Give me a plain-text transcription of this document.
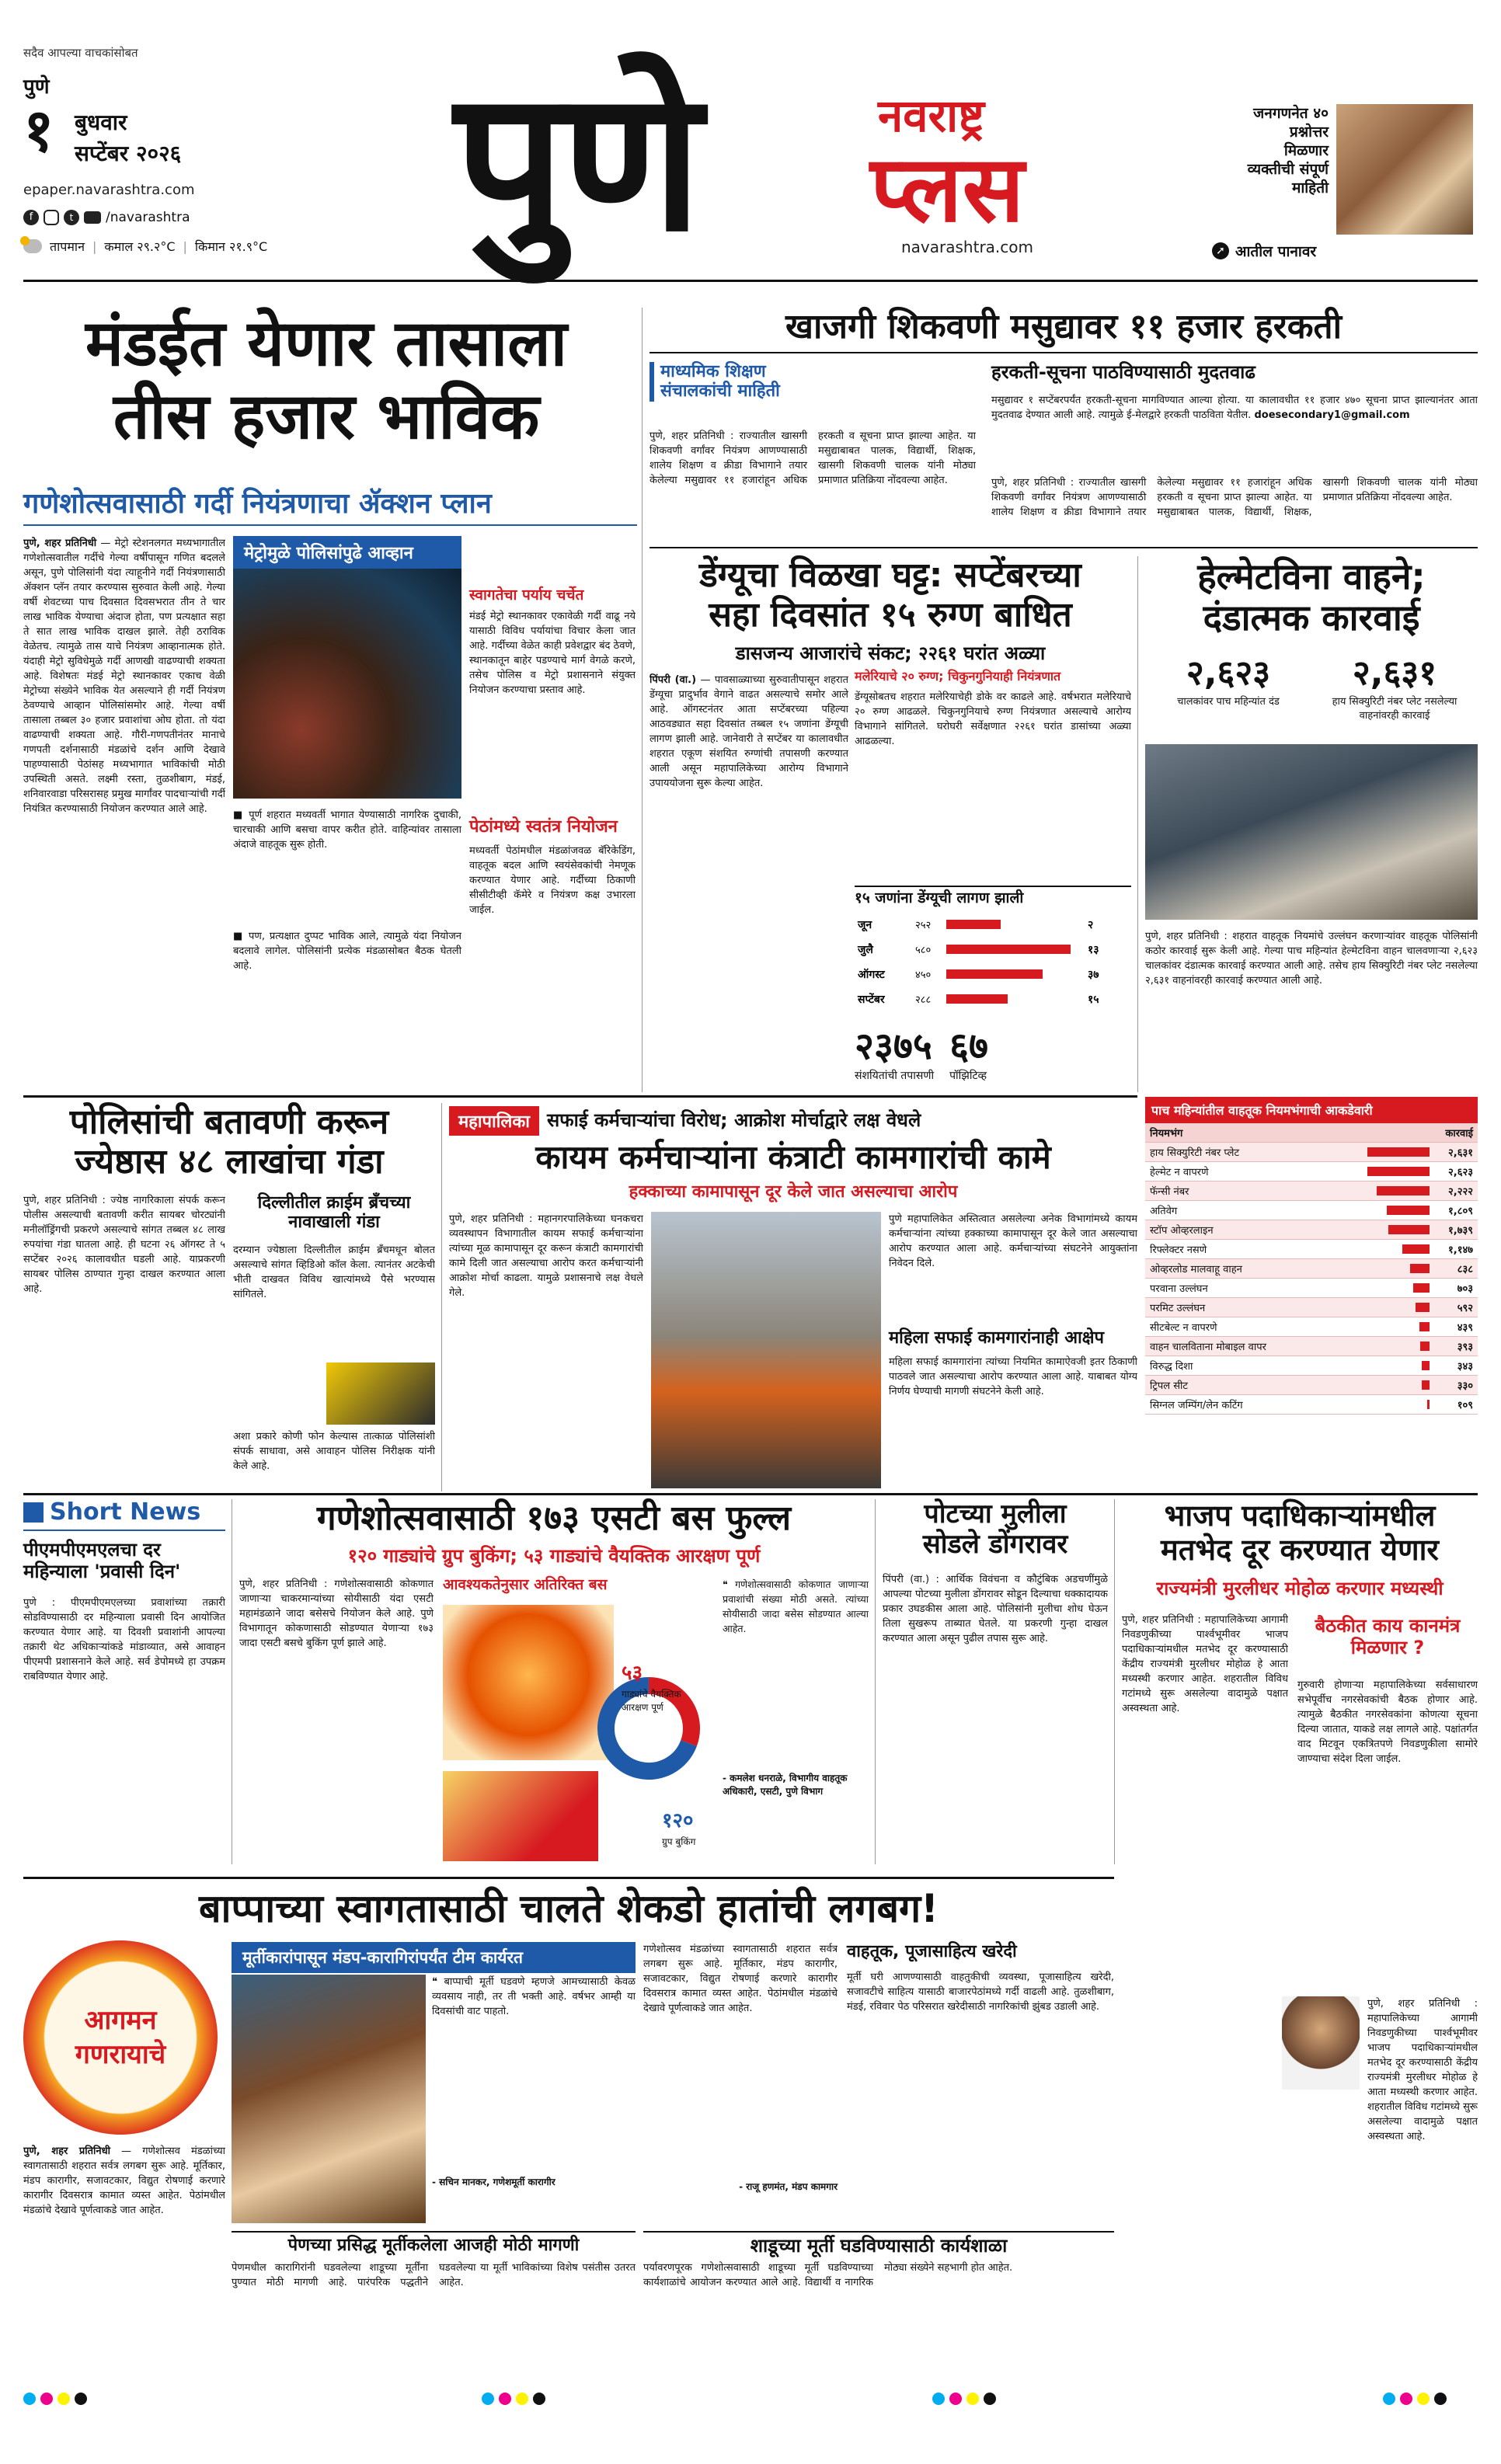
सदैव आपल्या वाचकांसोबत
पुणे
१ बुधवार
सप्टेंबर २०२६
epaper.navarashtra.com
f	t	/navarashtra
तापमान | कमाल २९.२°C | किमान २१.९°C पुणे	नवराष्ट्र
प्लस
navarashtra.com
जनगणनेत ४०
प्रश्नोत्तर
मिळणार
व्यक्तीची संपूर्ण
माहिती
➚ आतील पानावर
मंडईत येणार तासाला
तीस हजार भाविक
गणेशोत्सवासाठी गर्दी नियंत्रणाचा ॲक्शन प्लान
पुणे, शहर प्रतिनिधी — मेट्रो स्टेशनलगत मध्यभागातील गणेशोत्सवातील गर्दीचे गेल्या वर्षीपासून गणित बदलले असून, पुणे पोलिसांनी यंदा त्याहूनीने गर्दी नियंत्रणासाठी ॲक्शन प्लॅन तयार करण्यास सुरुवात केली आहे. गेल्या वर्षी शेवटच्या पाच दिवसात दिवसभरात तीन ते चार लाख भाविक येण्याचा अंदाज होता, पण प्रत्यक्षात सहा ते सात लाख भाविक दाखल झाले. तेही ठराविक वेळेतच. त्यामुळे तास याचे नियंत्रण आव्हानात्मक होते. यंदाही मेट्रो सुविधेमुळे गर्दी आणखी वाढण्याची शक्यता आहे. विशेषतः मंडई मेट्रो स्थानकावर एकाच वेळी मेट्रोच्या संख्येने भाविक येत असल्याने ही गर्दी नियंत्रण ठेवण्याचे आव्हान पोलिसांसमोर आहे. गेल्या वर्षी तासाला तब्बल ३० हजार प्रवाशांचा ओघ होता. तो यंदा वाढण्याची शक्यता आहे. गौरी-गणपतीनंतर मानाचे गणपती दर्शनासाठी मंडळांचे दर्शन आणि देखावे पाहण्यासाठी पेठांसह मध्यभागात भाविकांची मोठी उपस्थिती असते. लक्ष्मी रस्ता, तुळशीबाग, मंडई, शनिवारवाडा परिसरासह प्रमुख मार्गांवर पादचाऱ्यांची गर्दी नियंत्रित करण्यासाठी नियोजन करण्यात आले आहे.
मेट्रोमुळे पोलिसांपुढे आव्हान
■ पूर्ण शहरात मध्यवर्ती भागात येण्यासाठी नागरिक दुचाकी, चारचाकी आणि बसचा वापर करीत होते. वाहिन्यांवर तासाला अंदाजे वाहतूक सुरू होती.
■ पण, प्रत्यक्षात दुप्पट भाविक आले, त्यामुळे यंदा नियोजन बदलावे लागेल. पोलिसांनी प्रत्येक मंडळासोबत बैठक घेतली आहे.
स्वागतेचा पर्याय चर्चेत
मंडई मेट्रो स्थानकावर एकावेळी गर्दी वाढू नये यासाठी विविध पर्यायांचा विचार केला जात आहे. गर्दीच्या वेळेत काही प्रवेशद्वार बंद ठेवणे, स्थानकातून बाहेर पडण्याचे मार्ग वेगळे करणे, तसेच पोलिस व मेट्रो प्रशासनाने संयुक्त नियोजन करण्याचा प्रस्ताव आहे.
पेठांमध्ये स्वतंत्र नियोजन
मध्यवर्ती पेठांमधील मंडळांजवळ बॅरिकेडिंग, वाहतूक बदल आणि स्वयंसेवकांची नेमणूक करण्यात येणार आहे. गर्दीच्या ठिकाणी सीसीटीव्ही कॅमेरे व नियंत्रण कक्ष उभारला जाईल.
खाजगी शिकवणी मसुद्यावर ११ हजार हरकती
माध्यमिक शिक्षण संचालकांची माहिती
पुणे, शहर प्रतिनिधी : राज्यातील खासगी शिकवणी वर्गांवर नियंत्रण आणण्यासाठी शालेय शिक्षण व क्रीडा विभागाने तयार केलेल्या मसुद्यावर ११ हजारांहून अधिक हरकती व सूचना प्राप्त झाल्या आहेत. या मसुद्याबाबत पालक, विद्यार्थी, शिक्षक, खासगी शिकवणी चालक यांनी मोठ्या प्रमाणात प्रतिक्रिया नोंदवल्या आहेत.
हरकती-सूचना पाठविण्यासाठी मुदतवाढ
मसुद्यावर १ सप्टेंबरपर्यंत हरकती-सूचना मागविण्यात आल्या होत्या. या कालावधीत ११ हजार ४७० सूचना प्राप्त झाल्यानंतर आता मुदतवाढ देण्यात आली आहे. त्यामुळे ई-मेलद्वारे हरकती पाठविता येतील. doesecondary1@gmail.com
पुणे, शहर प्रतिनिधी : राज्यातील खासगी शिकवणी वर्गांवर नियंत्रण आणण्यासाठी शालेय शिक्षण व क्रीडा विभागाने तयार केलेल्या मसुद्यावर ११ हजारांहून अधिक हरकती व सूचना प्राप्त झाल्या आहेत. या मसुद्याबाबत पालक, विद्यार्थी, शिक्षक, खासगी शिकवणी चालक यांनी मोठ्या प्रमाणात प्रतिक्रिया नोंदवल्या आहेत.
डेंग्यूचा विळखा घट्ट: सप्टेंबरच्या
सहा दिवसांत १५ रुग्ण बाधित
डासजन्य आजारांचे संकट; २२६१ घरांत अळ्या
मलेरियाचे २० रुग्ण; चिकुनगुनियाही नियंत्रणात
पिंपरी (वा.) — पावसाळ्याच्या सुरुवातीपासून शहरात डेंग्यूचा प्रादुर्भाव वेगाने वाढत असल्याचे समोर आले आहे. ऑगस्टनंतर आता सप्टेंबरच्या पहिल्या आठवड्यात सहा दिवसांत तब्बल १५ जणांना डेंग्यूची लागण झाली आहे. जानेवारी ते सप्टेंबर या कालावधीत शहरात एकूण संशयित रुग्णांची तपासणी करण्यात आली असून महापालिकेच्या आरोग्य विभागाने उपाययोजना सुरू केल्या आहेत.
डेंग्यूसोबतच शहरात मलेरियाचेही डोके वर काढले आहे. वर्षभरात मलेरियाचे २० रुग्ण आढळले. चिकुनगुनियाचे रुग्ण नियंत्रणात असल्याचे आरोग्य विभागाने सांगितले. घरोघरी सर्वेक्षणात २२६१ घरांत डासांच्या अळ्या आढळल्या.
१५ जणांना डेंग्यूची लागण झाली
जून	२५२	२
जुलै	५८०	१३
ऑगस्ट	४५०	३७
सप्टेंबर	२८८	१५
२३७५
संशयितांची तपासणी
६७
पॉझिटिव्ह
हेल्मेटविना वाहने;
दंडात्मक कारवाई
२,६२३
चालकांवर पाच महिन्यांत दंड
२,६३१
हाय सिक्युरिटी नंबर प्लेट नसलेल्या वाहनांवरही कारवाई
पुणे, शहर प्रतिनिधी : शहरात वाहतूक नियमांचे उल्लंघन करणाऱ्यांवर वाहतूक पोलिसांनी कठोर कारवाई सुरू केली आहे. गेल्या पाच महिन्यांत हेल्मेटविना वाहन चालवणाऱ्या २,६२३ चालकांवर दंडात्मक कारवाई करण्यात आली आहे. तसेच हाय सिक्युरिटी नंबर प्लेट नसलेल्या २,६३१ वाहनांवरही कारवाई करण्यात आली आहे.
पाच महिन्यांतील वाहतूक नियमभंगाची आकडेवारी
नियमभंग	कारवाई
हाय सिक्युरिटी नंबर प्लेट	२,६३१
हेल्मेट न वापरणे	२,६२३
फॅन्सी नंबर	२,२२२
अतिवेग	१,८०९
स्टॉप ओव्हरलाइन	१,७३९
रिफ्लेक्टर नसणे	१,१४७
ओव्हरलोड मालवाहू वाहन	८३८
परवाना उल्लंघन	७०३
परमिट उल्लंघन	५९२
सीटबेल्ट न वापरणे	४३९
वाहन चालविताना मोबाइल वापर	३९३
विरुद्ध दिशा	३४३
ट्रिपल सीट	३३०
सिग्नल जम्पिंग/लेन कटिंग	१०९
पोलिसांची बतावणी करून
ज्येष्ठास ४८ लाखांचा गंडा
पुणे, शहर प्रतिनिधी : ज्येष्ठ नागरिकाला संपर्क करून पोलीस असल्याची बतावणी करीत सायबर चोरट्यांनी मनीलॉड्रिंगची प्रकरणे असल्याचे सांगत तब्बल ४८ लाख रुपयांचा गंडा घातला आहे. ही घटना २६ ऑगस्ट ते ५ सप्टेंबर २०२६ कालावधीत घडली आहे. याप्रकरणी सायबर पोलिस ठाण्यात गुन्हा दाखल करण्यात आला आहे.
दिल्लीतील क्राईम ब्रँचच्या नावाखाली गंडा
दरम्यान ज्येष्ठाला दिल्लीतील क्राईम ब्रँचमधून बोलत असल्याचे सांगत व्हिडिओ कॉल केला. त्यानंतर अटकेची भीती दाखवत विविध खात्यांमध्ये पैसे भरण्यास सांगितले.
अशा प्रकारे कोणी फोन केल्यास तात्काळ पोलिसांशी संपर्क साधावा, असे आवाहन पोलिस निरीक्षक यांनी केले आहे.
महापालिका सफाई कर्मचाऱ्यांचा विरोध; आक्रोश मोर्चाद्वारे लक्ष वेधले
कायम कर्मचाऱ्यांना कंत्राटी कामगारांची कामे
हक्काच्या कामापासून दूर केले जात असल्याचा आरोप
पुणे, शहर प्रतिनिधी : महानगरपालिकेच्या घनकचरा व्यवस्थापन विभागातील कायम सफाई कर्मचाऱ्यांना त्यांच्या मूळ कामापासून दूर करून कंत्राटी कामगारांची कामे दिली जात असल्याचा आरोप करत कर्मचाऱ्यांनी आक्रोश मोर्चा काढला. यामुळे प्रशासनाचे लक्ष वेधले गेले.
पुणे महापालिकेत अस्तित्वात असलेल्या अनेक विभागांमध्ये कायम कर्मचाऱ्यांना त्यांच्या हक्काच्या कामापासून दूर केले जात असल्याचा आरोप करण्यात आला आहे. कर्मचाऱ्यांच्या संघटनेने आयुक्तांना निवेदन दिले.
महिला सफाई कामगारांनाही आक्षेप
महिला सफाई कामगारांना त्यांच्या नियमित कामाऐवजी इतर ठिकाणी पाठवले जात असल्याचा आरोप करण्यात आला आहे. याबाबत योग्य निर्णय घेण्याची मागणी संघटनेने केली आहे.
Short News
पीएमपीएमएलचा दर महिन्याला 'प्रवासी दिन'
पुणे : पीएमपीएमएलच्या प्रवाशांच्या तक्रारी सोडविण्यासाठी दर महिन्याला प्रवासी दिन आयोजित करण्यात येणार आहे. या दिवशी प्रवाशांनी आपल्या तक्रारी थेट अधिकाऱ्यांकडे मांडाव्यात, असे आवाहन पीएमपी प्रशासनाने केले आहे. सर्व डेपोमध्ये हा उपक्रम राबविण्यात येणार आहे.
गणेशोत्सवासाठी १७३ एसटी बस फुल्ल
१२० गाड्यांचे ग्रुप बुकिंग; ५३ गाड्यांचे वैयक्तिक आरक्षण पूर्ण
पुणे, शहर प्रतिनिधी : गणेशोत्सवासाठी कोकणात जाणाऱ्या चाकरमान्यांच्या सोयीसाठी यंदा एसटी महामंडळाने जादा बसेसचे नियोजन केले आहे. पुणे विभागातून कोकणासाठी सोडण्यात येणाऱ्या १७३ जादा एसटी बसचे बुकिंग पूर्ण झाले आहे.
आवश्यकतेनुसार अतिरिक्त बस
५३
गाड्यांचे वैयक्तिक आरक्षण पूर्ण
१२०
ग्रुप बुकिंग
❝ गणेशोत्सवासाठी कोकणात जाणाऱ्या प्रवाशांची संख्या मोठी असते. त्यांच्या सोयीसाठी जादा बसेस सोडण्यात आल्या आहेत.
- कमलेश धनराळे, विभागीय वाहतूक अधिकारी, एसटी, पुणे विभाग
पोटच्या मुलीला
सोडले डोंगरावर
पिंपरी (वा.) : आर्थिक विवंचना व कौटुंबिक अडचणींमुळे आपल्या पोटच्या मुलीला डोंगरावर सोडून दिल्याचा धक्कादायक प्रकार उघडकीस आला आहे. पोलिसांनी मुलीचा शोध घेऊन तिला सुखरूप ताब्यात घेतले. या प्रकरणी गुन्हा दाखल करण्यात आला असून पुढील तपास सुरू आहे.
भाजप पदाधिकाऱ्यांमधील
मतभेद दूर करण्यात येणार
राज्यमंत्री मुरलीधर मोहोळ करणार मध्यस्थी
पुणे, शहर प्रतिनिधी : महापालिकेच्या आगामी निवडणुकीच्या पार्श्वभूमीवर भाजप पदाधिकाऱ्यांमधील मतभेद दूर करण्यासाठी केंद्रीय राज्यमंत्री मुरलीधर मोहोळ हे आता मध्यस्थी करणार आहेत. शहरातील विविध गटांमध्ये सुरू असलेल्या वादामुळे पक्षात अस्वस्थता आहे.
बैठकीत काय कानमंत्र मिळणार ?
गुरुवारी होणाऱ्या महापालिकेच्या सर्वसाधारण सभेपूर्वीच नगरसेवकांची बैठक होणार आहे. त्यामुळे बैठकीत नगरसेवकांना कोणत्या सूचना दिल्या जातात, याकडे लक्ष लागले आहे. पक्षांतर्गत वाद मिटवून एकत्रितपणे निवडणुकीला सामोरे जाण्याचा संदेश दिला जाईल.
पुणे, शहर प्रतिनिधी : महापालिकेच्या आगामी निवडणुकीच्या पार्श्वभूमीवर भाजप पदाधिकाऱ्यांमधील मतभेद दूर करण्यासाठी केंद्रीय राज्यमंत्री मुरलीधर मोहोळ हे आता मध्यस्थी करणार आहेत. शहरातील विविध गटांमध्ये सुरू असलेल्या वादामुळे पक्षात अस्वस्थता आहे.
बाप्पाच्या स्वागतासाठी चालते शेकडो हातांची लगबग!
आगमन
गणरायाचे
पुणे, शहर प्रतिनिधी — गणेशोत्सव मंडळांच्या स्वागतासाठी शहरात सर्वत्र लगबग सुरू आहे. मूर्तिकार, मंडप कारागीर, सजावटकार, विद्युत रोषणाई करणारे कारागीर दिवसरात्र कामात व्यस्त आहेत. पेठांमधील मंडळांचे देखावे पूर्णत्वाकडे जात आहेत.
मूर्तीकारांपासून मंडप-कारागिरांपर्यंत टीम कार्यरत
❝ बाप्पाची मूर्ती घडवणे म्हणजे आमच्यासाठी केवळ व्यवसाय नाही, तर ती भक्ती आहे. वर्षभर आम्ही या दिवसांची वाट पाहतो.
- सचिन मानकर, गणेशमूर्ती कारागीर
गणेशोत्सव मंडळांच्या स्वागतासाठी शहरात सर्वत्र लगबग सुरू आहे. मूर्तिकार, मंडप कारागीर, सजावटकार, विद्युत रोषणाई करणारे कारागीर दिवसरात्र कामात व्यस्त आहेत. पेठांमधील मंडळांचे देखावे पूर्णत्वाकडे जात आहेत.
- राजू हणमंत, मंडप कामगार
वाहतूक, पूजासाहित्य खरेदी
मूर्ती घरी आणण्यासाठी वाहतुकीची व्यवस्था, पूजासाहित्य खरेदी, सजावटीचे साहित्य यासाठी बाजारपेठांमध्ये गर्दी वाढली आहे. तुळशीबाग, मंडई, रविवार पेठ परिसरात खरेदीसाठी नागरिकांची झुंबड उडाली आहे.
पेणच्या प्रसिद्ध मूर्तीकलेला आजही मोठी मागणी
पेणमधील कारागिरांनी घडवलेल्या शाडूच्या मूर्तींना पुण्यात मोठी मागणी आहे. पारंपरिक पद्धतीने घडवलेल्या या मूर्ती भाविकांच्या विशेष पसंतीस उतरत आहेत.
शाडूच्या मूर्ती घडविण्यासाठी कार्यशाळा
पर्यावरणपूरक गणेशोत्सवासाठी शाडूच्या मूर्ती घडविण्याच्या कार्यशाळांचे आयोजन करण्यात आले आहे. विद्यार्थी व नागरिक मोठ्या संख्येने सहभागी होत आहेत.
